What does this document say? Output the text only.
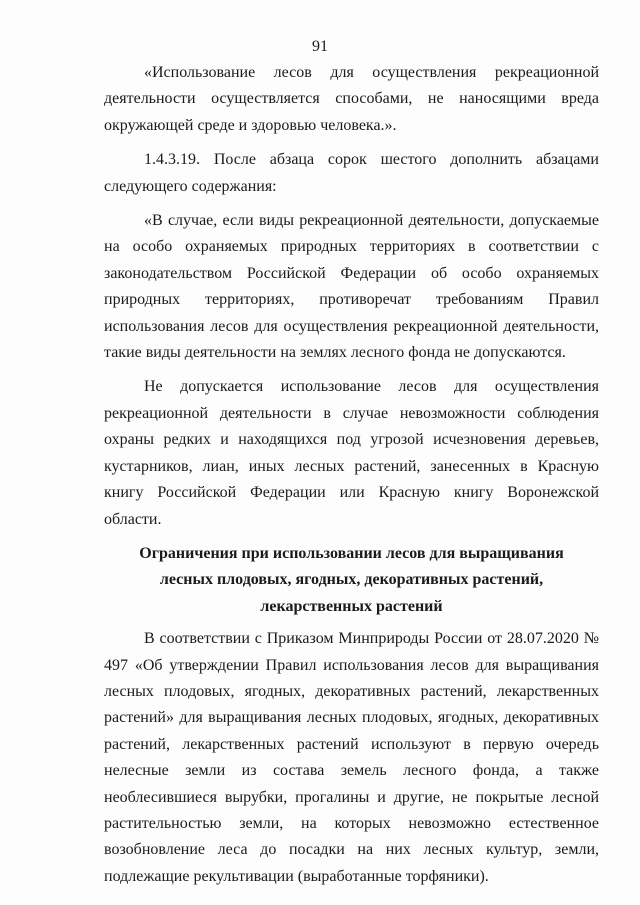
91

«Использование лесов для осуществления рекреационной деятельности осуществляется способами, не наносящими вреда окружающей среде и здоровью человека.».

1.4.3.19. После абзаца сорок шестого дополнить абзацами следующего содержания:

«В случае, если виды рекреационной деятельности, допускаемые на особо охраняемых природных территориях в соответствии с законодательством Российской Федерации об особо охраняемых природных территориях, противоречат требованиям Правил использования лесов для осуществления рекреационной деятельности, такие виды деятельности на землях лесного фонда не допускаются.

Не допускается использование лесов для осуществления рекреационной деятельности в случае невозможности соблюдения охраны редких и находящихся под угрозой исчезновения деревьев, кустарников, лиан, иных лесных растений, занесенных в Красную книгу Российской Федерации или Красную книгу Воронежской области.

Ограничения при использовании лесов для выращивания
лесных плодовых, ягодных, декоративных растений,
лекарственных растений

В соответствии с Приказом Минприроды России от 28.07.2020 № 497 «Об утверждении Правил использования лесов для выращивания лесных плодовых, ягодных, декоративных растений, лекарственных растений» для выращивания лесных плодовых, ягодных, декоративных растений, лекарственных растений используют в первую очередь нелесные земли из состава земель лесного фонда, а также необлесившиеся вырубки, прогалины и другие, не покрытые лесной растительностью земли, на которых невозможно естественное возобновление леса до посадки на них лесных культур, земли, подлежащие рекультивации (выработанные торфяники).
